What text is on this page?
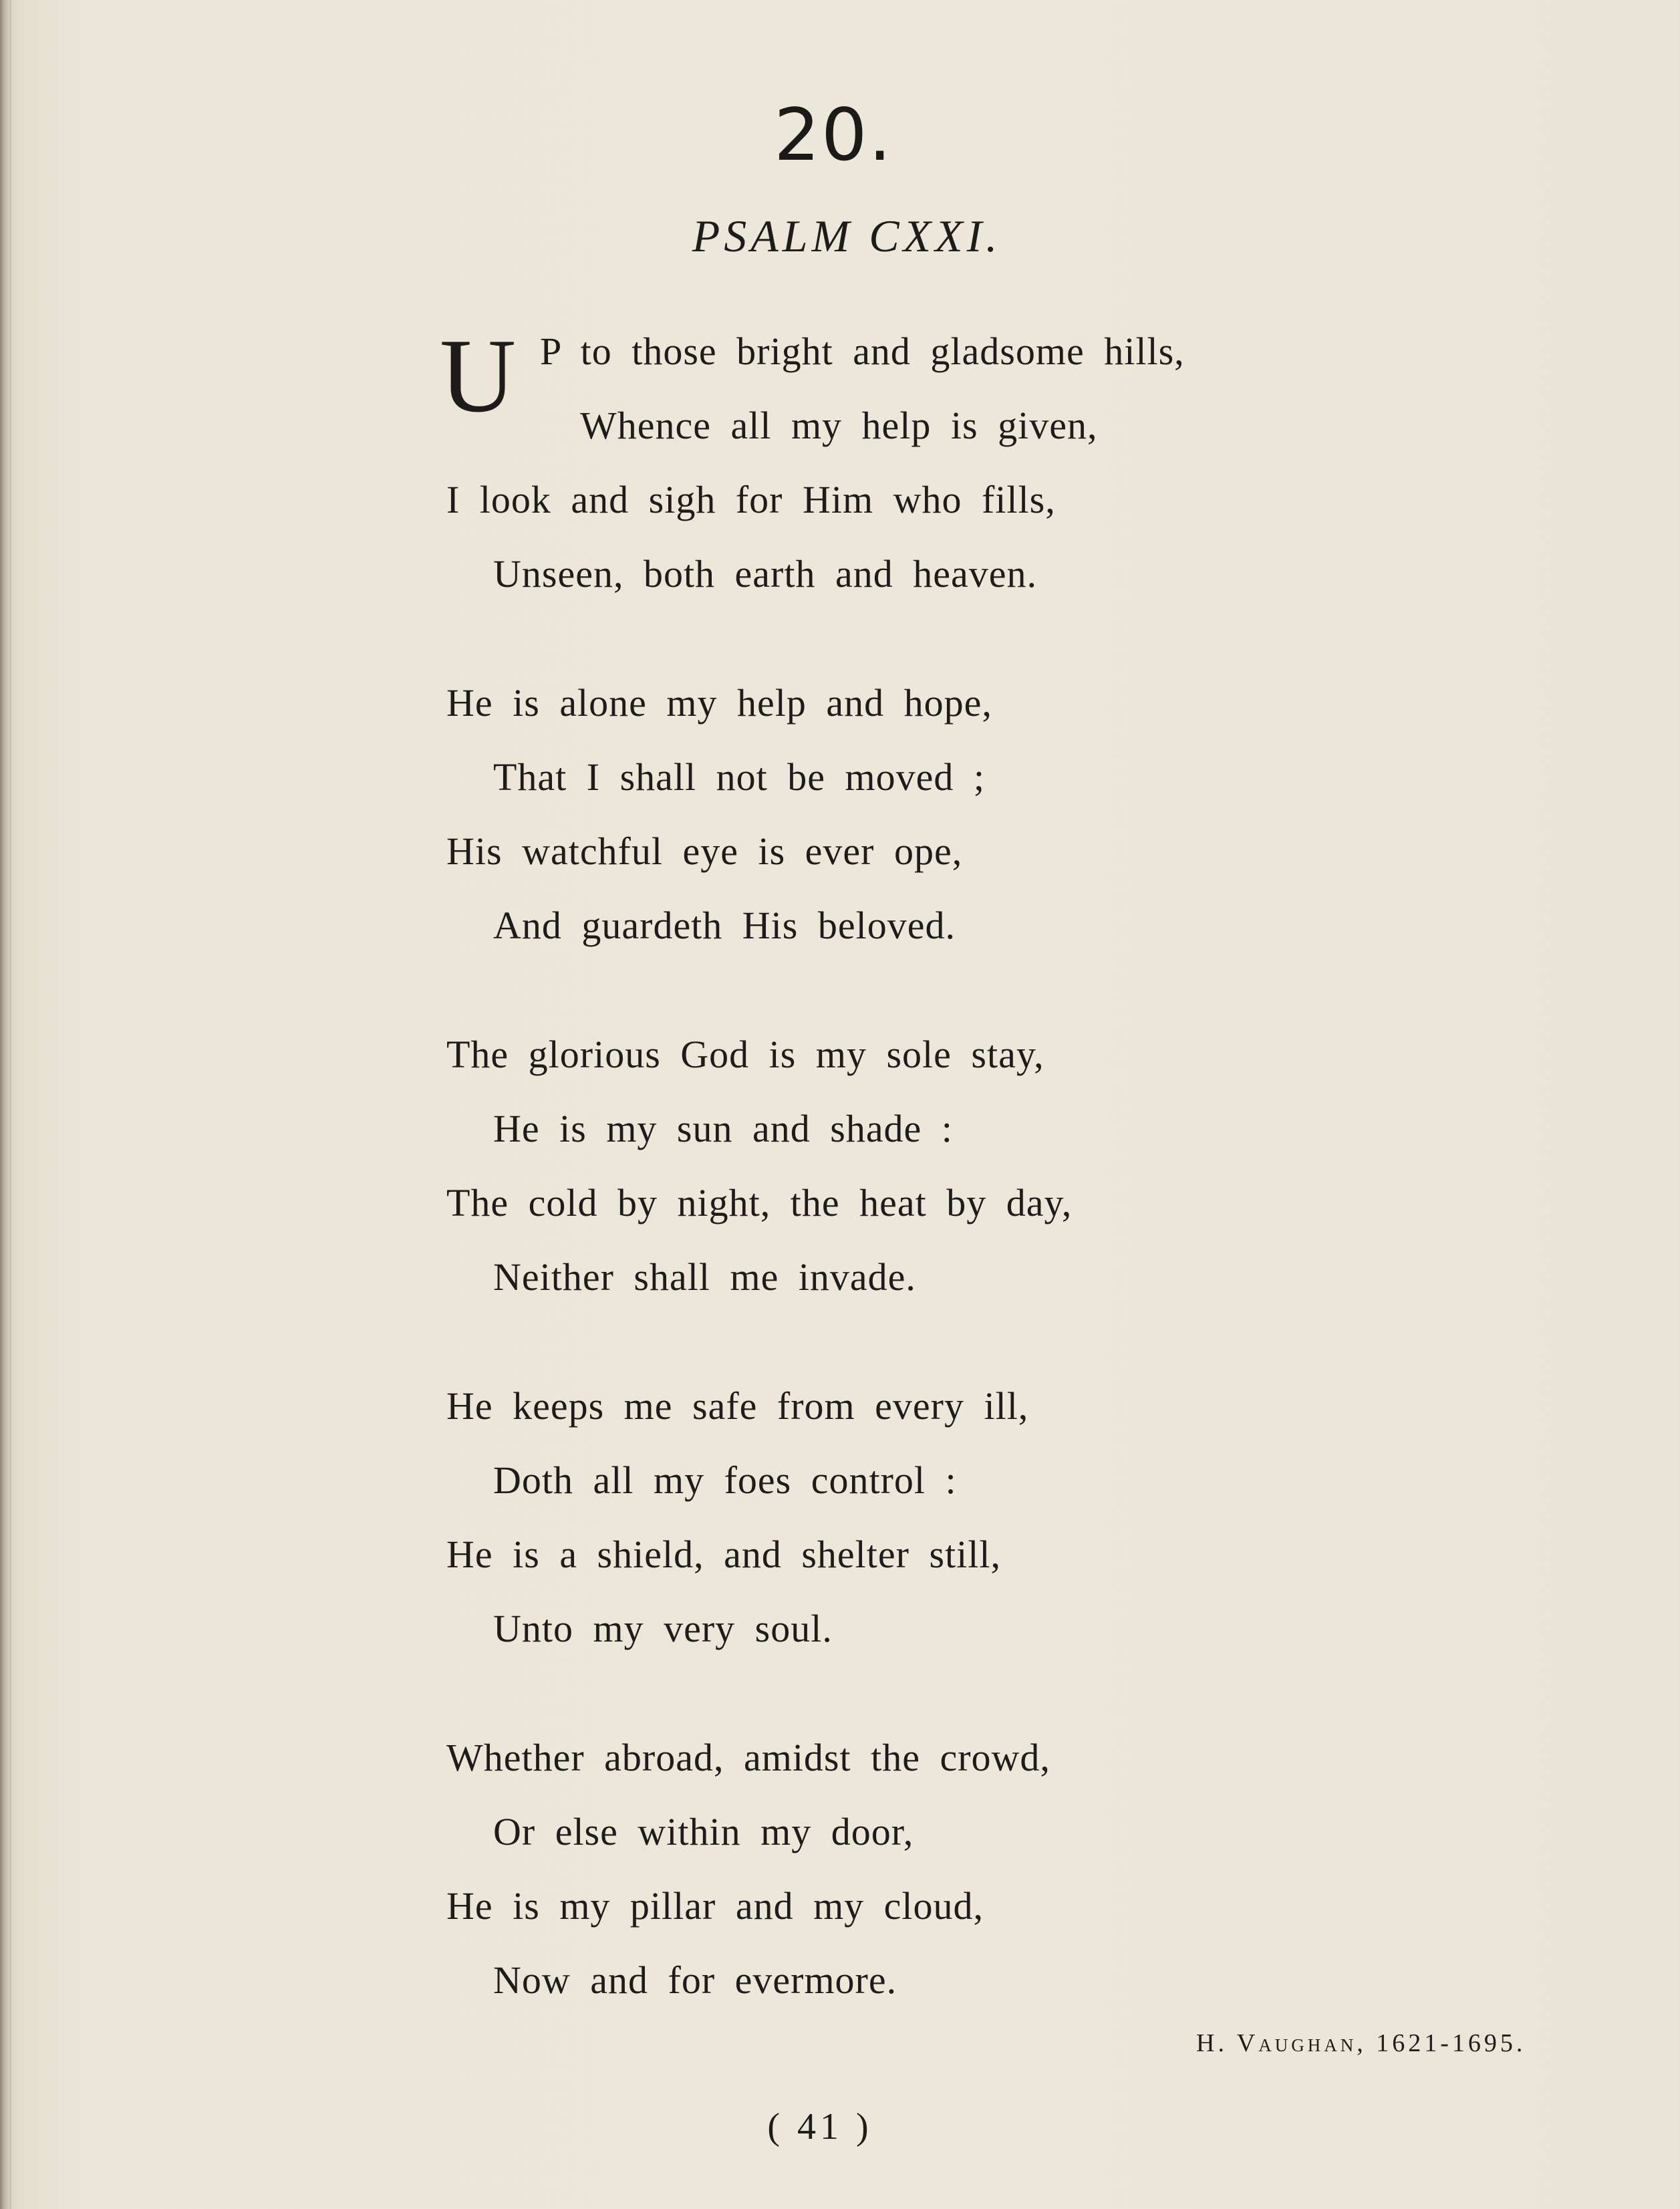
20.
PSALM CXXI.
U P to those bright and gladsome hills,
Whence all my help is given,
I look and sigh for Him who fills,
Unseen, both earth and heaven.
He is alone my help and hope,
That I shall not be moved ;
His watchful eye is ever ope,
And guardeth His beloved.
The glorious God is my sole stay,
He is my sun and shade :
The cold by night, the heat by day,
Neither shall me invade.
He keeps me safe from every ill,
Doth all my foes control :
He is a shield, and shelter still,
Unto my very soul.
Whether abroad, amidst the crowd,
Or else within my door,
He is my pillar and my cloud,
Now and for evermore.
H. Vaughan, 1621-1695.
( 41 )
